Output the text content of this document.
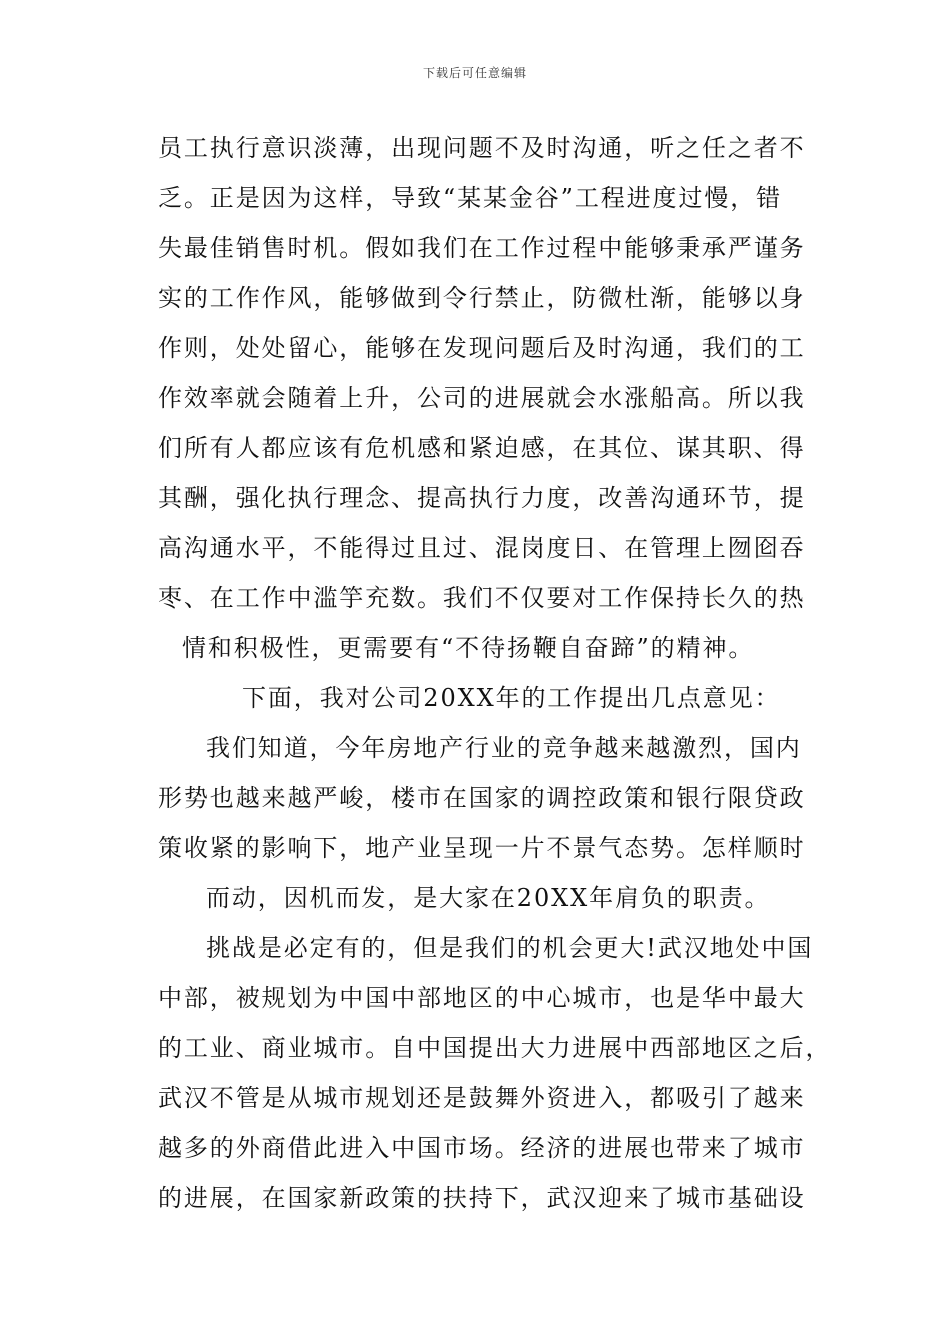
下载后可任意编辑
员工执行意识淡薄，出现问题不及时沟通，听之任之者不
乏。正是因为这样，导致“某某金谷”工程进度过慢，错
失最佳销售时机。假如我们在工作过程中能够秉承严谨务
实的工作作风，能够做到令行禁止，防微杜渐，能够以身
作则，处处留心，能够在发现问题后及时沟通，我们的工
作效率就会随着上升，公司的进展就会水涨船高。所以我
们所有人都应该有危机感和紧迫感，在其位、谋其职、得
其酬，强化执行理念、提高执行力度，改善沟通环节，提
高沟通水平，不能得过且过、混岗度日、在管理上囫囵吞
枣、在工作中滥竽充数。我们不仅要对工作保持长久的热
情和积极性，更需要有“不待扬鞭自奋蹄”的精神。
下面，我对公司20XX年的工作提出几点意见：
我们知道，今年房地产行业的竞争越来越激烈，国内
形势也越来越严峻，楼市在国家的调控政策和银行限贷政
策收紧的影响下，地产业呈现一片不景气态势。怎样顺时
而动，因机而发，是大家在20XX年肩负的职责。
挑战是必定有的，但是我们的机会更大!武汉地处中国
中部，被规划为中国中部地区的中心城市，也是华中最大
的工业、商业城市。自中国提出大力进展中西部地区之后，
武汉不管是从城市规划还是鼓舞外资进入，都吸引了越来
越多的外商借此进入中国市场。经济的进展也带来了城市
的进展，在国家新政策的扶持下，武汉迎来了城市基础设
